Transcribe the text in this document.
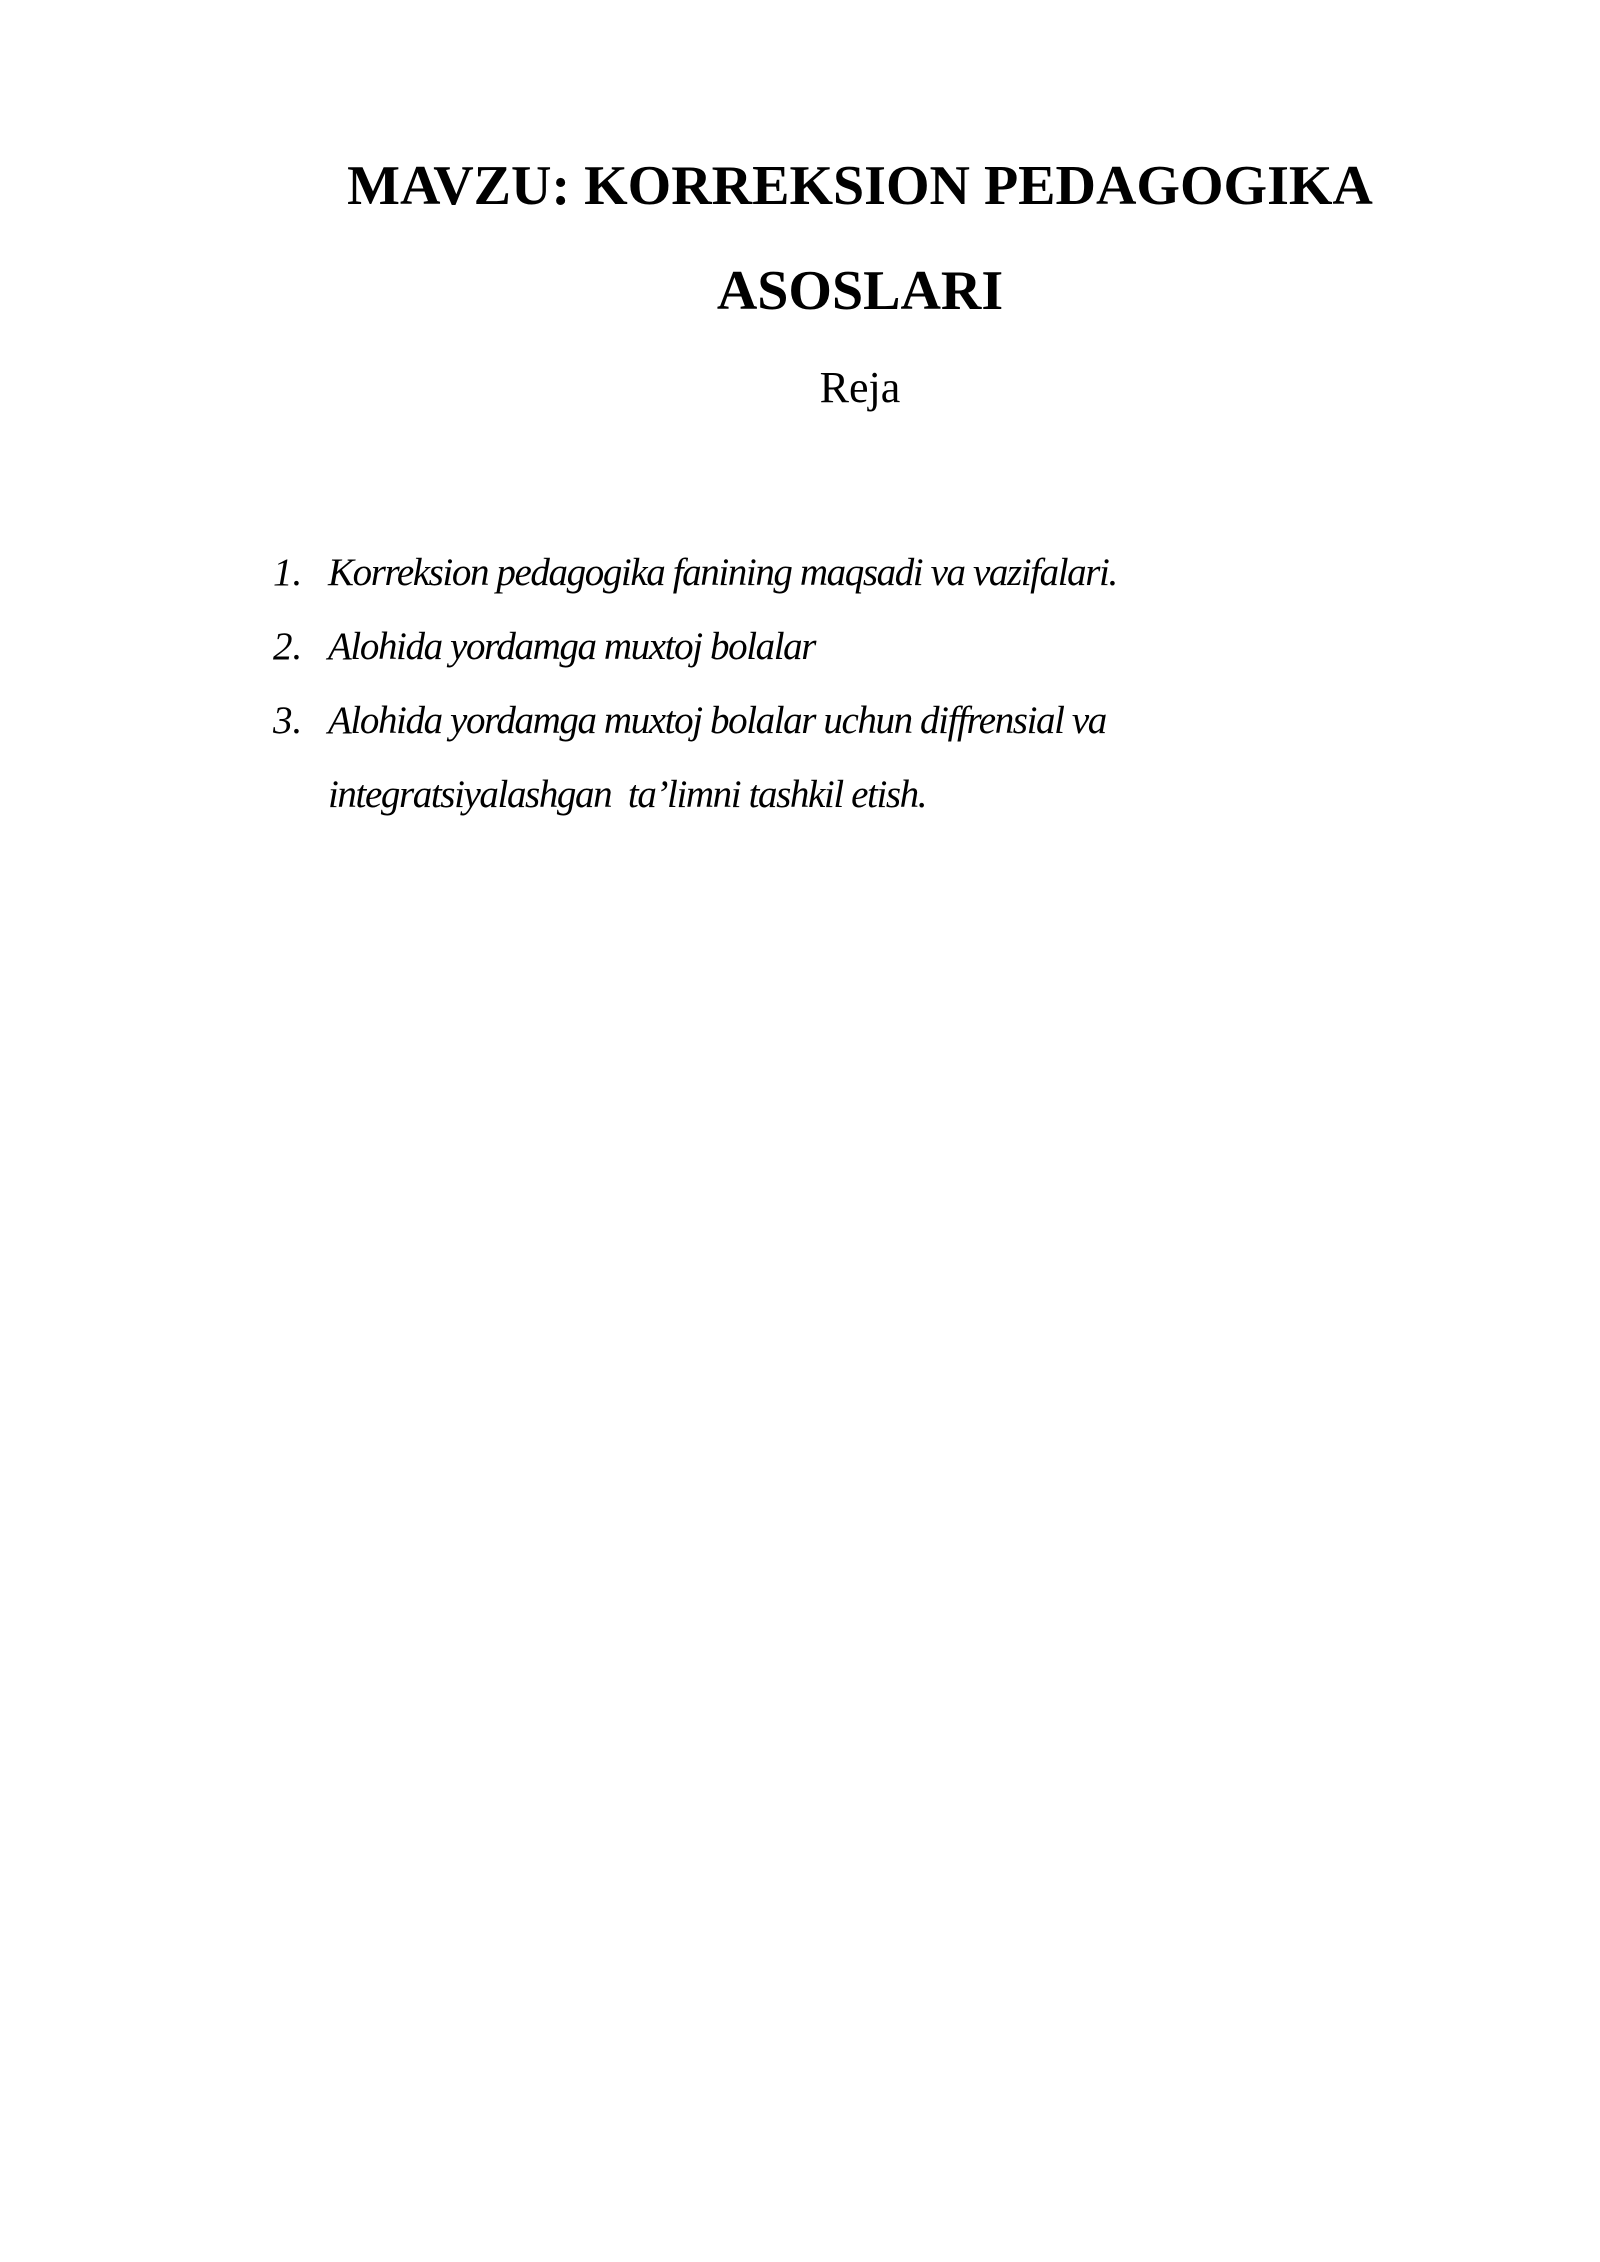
MAVZU: KORREKSION PEDAGOGIKA
ASOSLARI

Reja

1. Korreksion pedagogika fanining maqsadi va vazifalari.
2. Alohida yordamga muxtoj bolalar
3. Alohida yordamga muxtoj bolalar uchun diffrensial va
integratsiyalashgan  ta’limni tashkil etish.
